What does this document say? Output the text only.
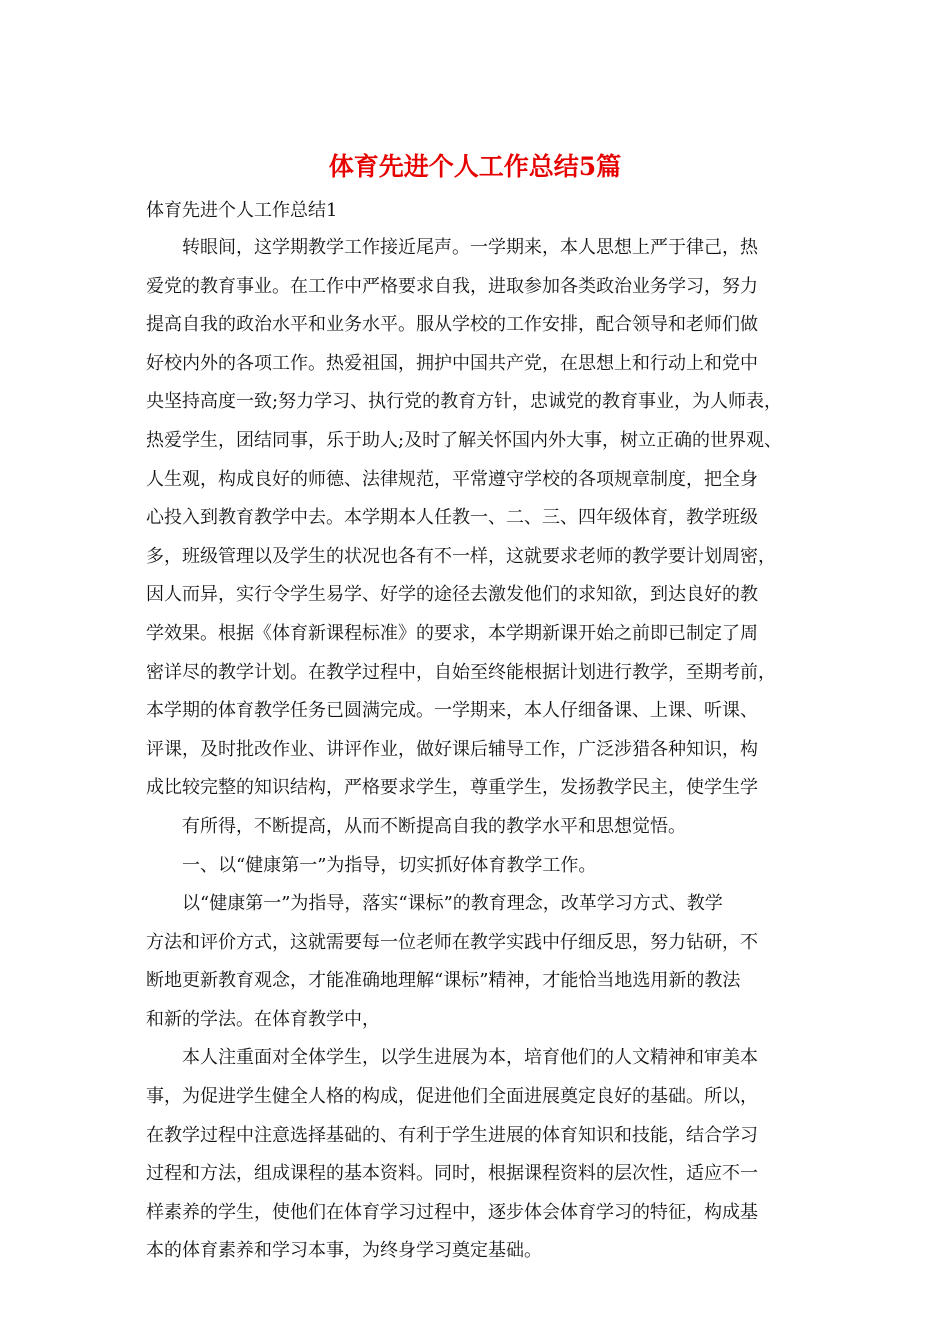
体育先进个人工作总结5篇

体育先进个人工作总结1

转眼间，这学期教学工作接近尾声。一学期来，本人思想上严于律己，热

爱党的教育事业。在工作中严格要求自我，进取参加各类政治业务学习，努力

提高自我的政治水平和业务水平。服从学校的工作安排，配合领导和老师们做

好校内外的各项工作。热爱祖国，拥护中国共产党，在思想上和行动上和党中

央坚持高度一致;努力学习、执行党的教育方针，忠诚党的教育事业，为人师表，

热爱学生，团结同事，乐于助人;及时了解关怀国内外大事，树立正确的世界观、

人生观，构成良好的师德、法律规范，平常遵守学校的各项规章制度，把全身

心投入到教育教学中去。本学期本人任教一、二、三、四年级体育，教学班级

多，班级管理以及学生的状况也各有不一样，这就要求老师的教学要计划周密，

因人而异，实行令学生易学、好学的途径去激发他们的求知欲，到达良好的教

学效果。根据《体育新课程标准》的要求，本学期新课开始之前即已制定了周

密详尽的教学计划。在教学过程中，自始至终能根据计划进行教学，至期考前，

本学期的体育教学任务已圆满完成。一学期来，本人仔细备课、上课、听课、

评课，及时批改作业、讲评作业，做好课后辅导工作，广泛涉猎各种知识，构

成比较完整的知识结构，严格要求学生，尊重学生，发扬教学民主，使学生学

有所得，不断提高，从而不断提高自我的教学水平和思想觉悟。

一、以“健康第一”为指导，切实抓好体育教学工作。

以“健康第一”为指导，落实“课标”的教育理念，改革学习方式、教学

方法和评价方式，这就需要每一位老师在教学实践中仔细反思，努力钻研，不

断地更新教育观念，才能准确地理解“课标”精神，才能恰当地选用新的教法

和新的学法。在体育教学中，

本人注重面对全体学生，以学生进展为本，培育他们的人文精神和审美本

事，为促进学生健全人格的构成，促进他们全面进展奠定良好的基础。所以，

在教学过程中注意选择基础的、有利于学生进展的体育知识和技能，结合学习

过程和方法，组成课程的基本资料。同时，根据课程资料的层次性，适应不一

样素养的学生，使他们在体育学习过程中，逐步体会体育学习的特征，构成基

本的体育素养和学习本事，为终身学习奠定基础。
